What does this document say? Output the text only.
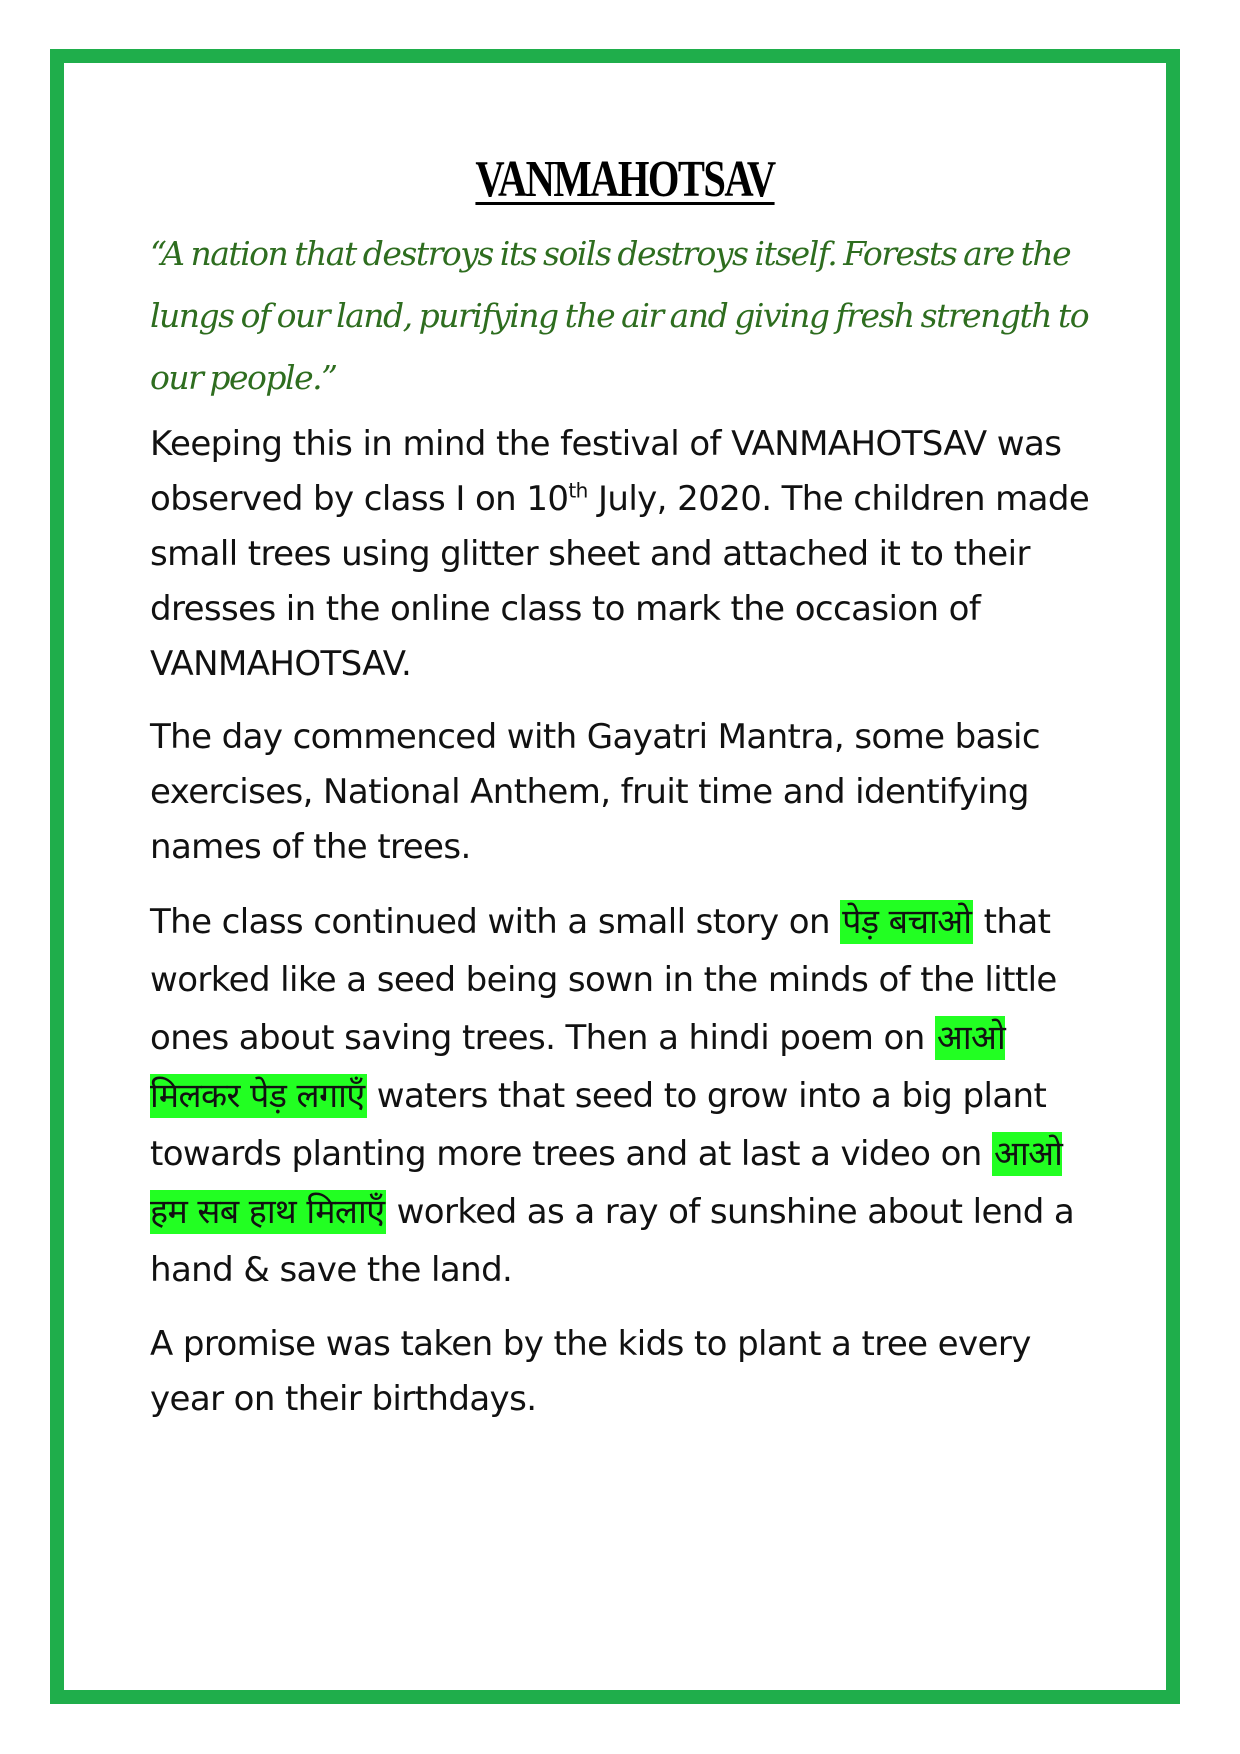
VANMAHOTSAV

“A nation that destroys its soils destroys itself. Forests are the lungs of our land, purifying the air and giving fresh strength to our people.”

Keeping this in mind the festival of VANMAHOTSAV was observed by class I on 10th July, 2020. The children made small trees using glitter sheet and attached it to their dresses in the online class to mark the occasion of VANMAHOTSAV.

The day commenced with Gayatri Mantra, some basic exercises, National Anthem, fruit time and identifying names of the trees.

The class continued with a small story on पेड़ बचाओ that worked like a seed being sown in the minds of the little ones about saving trees. Then a hindi poem on आओ मिलकर पेड़ लगाएँ waters that seed to grow into a big plant towards planting more trees and at last a video on आओ हम सब हाथ मिलाएँ worked as a ray of sunshine about lend a hand & save the land.

A promise was taken by the kids to plant a tree every year on their birthdays.
